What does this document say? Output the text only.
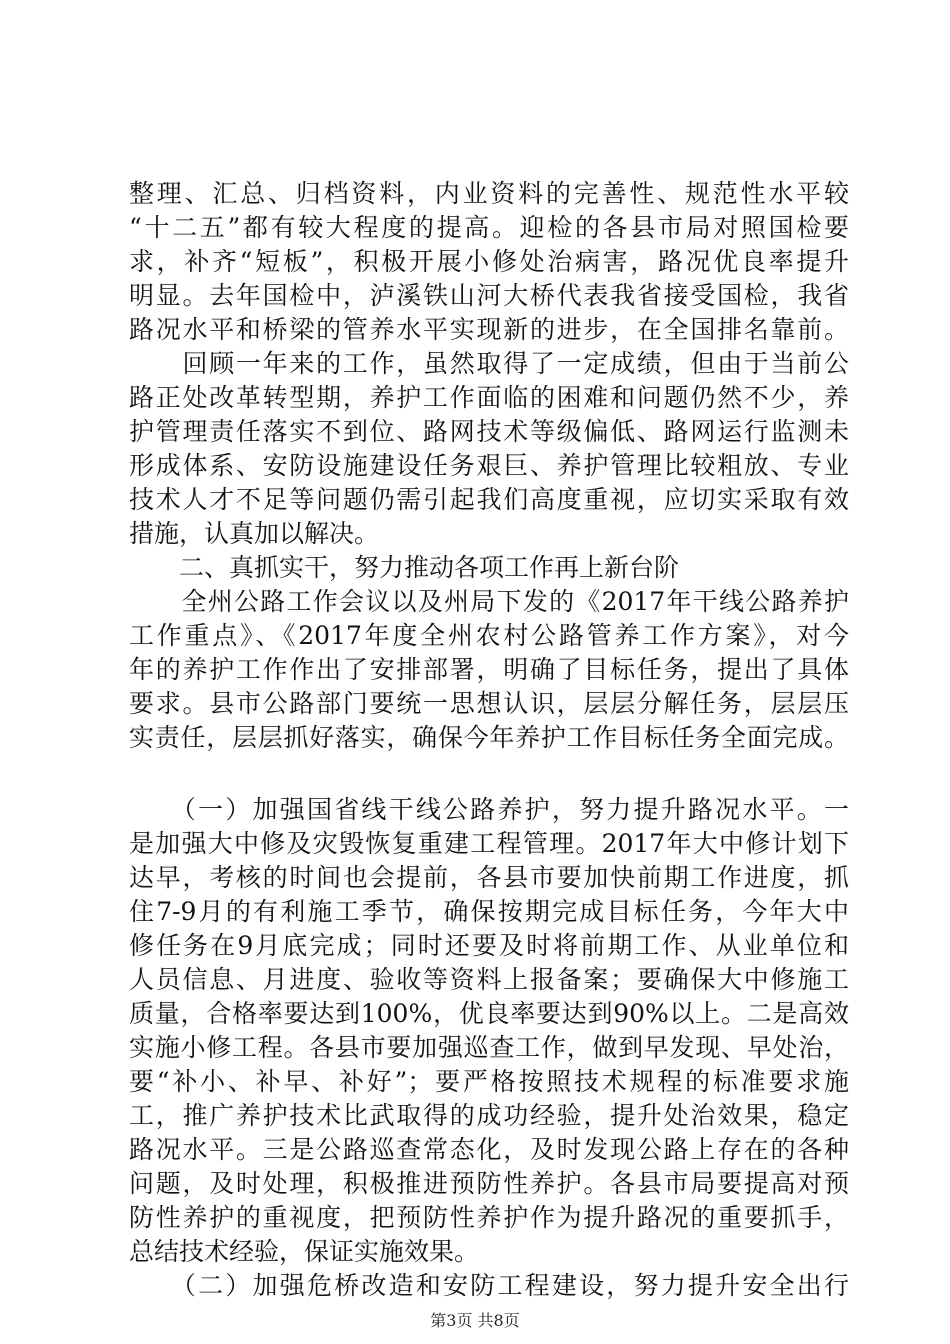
整理、汇总、归档资料，内业资料的完善性、规范性水平较
“十二五”都有较大程度的提高。迎检的各县市局对照国检要
求，补齐“短板”，积极开展小修处治病害，路况优良率提升
明显。去年国检中，泸溪铁山河大桥代表我省接受国检，我省
路况水平和桥梁的管养水平实现新的进步，在全国排名靠前。
　　回顾一年来的工作，虽然取得了一定成绩，但由于当前公
路正处改革转型期，养护工作面临的困难和问题仍然不少，养
护管理责任落实不到位、路网技术等级偏低、路网运行监测未
形成体系、安防设施建设任务艰巨、养护管理比较粗放、专业
技术人才不足等问题仍需引起我们高度重视，应切实采取有效
措施，认真加以解决。
　　二、真抓实干，努力推动各项工作再上新台阶
　　全州公路工作会议以及州局下发的《2017年干线公路养护
工作重点》、《2017年度全州农村公路管养工作方案》，对今
年的养护工作作出了安排部署，明确了目标任务，提出了具体
要求。县市公路部门要统一思想认识，层层分解任务，层层压
实责任，层层抓好落实，确保今年养护工作目标任务全面完成。
　　（一）加强国省线干线公路养护，努力提升路况水平。一
是加强大中修及灾毁恢复重建工程管理。2017年大中修计划下
达早，考核的时间也会提前，各县市要加快前期工作进度，抓
住7-9月的有利施工季节，确保按期完成目标任务，今年大中
修任务在9月底完成；同时还要及时将前期工作、从业单位和
人员信息、月进度、验收等资料上报备案；要确保大中修施工
质量，合格率要达到100%，优良率要达到90%以上。二是高效
实施小修工程。各县市要加强巡查工作，做到早发现、早处治，
要“补小、补早、补好”；要严格按照技术规程的标准要求施
工，推广养护技术比武取得的成功经验，提升处治效果，稳定
路况水平。三是公路巡查常态化，及时发现公路上存在的各种
问题，及时处理，积极推进预防性养护。各县市局要提高对预
防性养护的重视度，把预防性养护作为提升路况的重要抓手，
总结技术经验，保证实施效果。
　　（二）加强危桥改造和安防工程建设，努力提升安全出行
第3页 共8页
